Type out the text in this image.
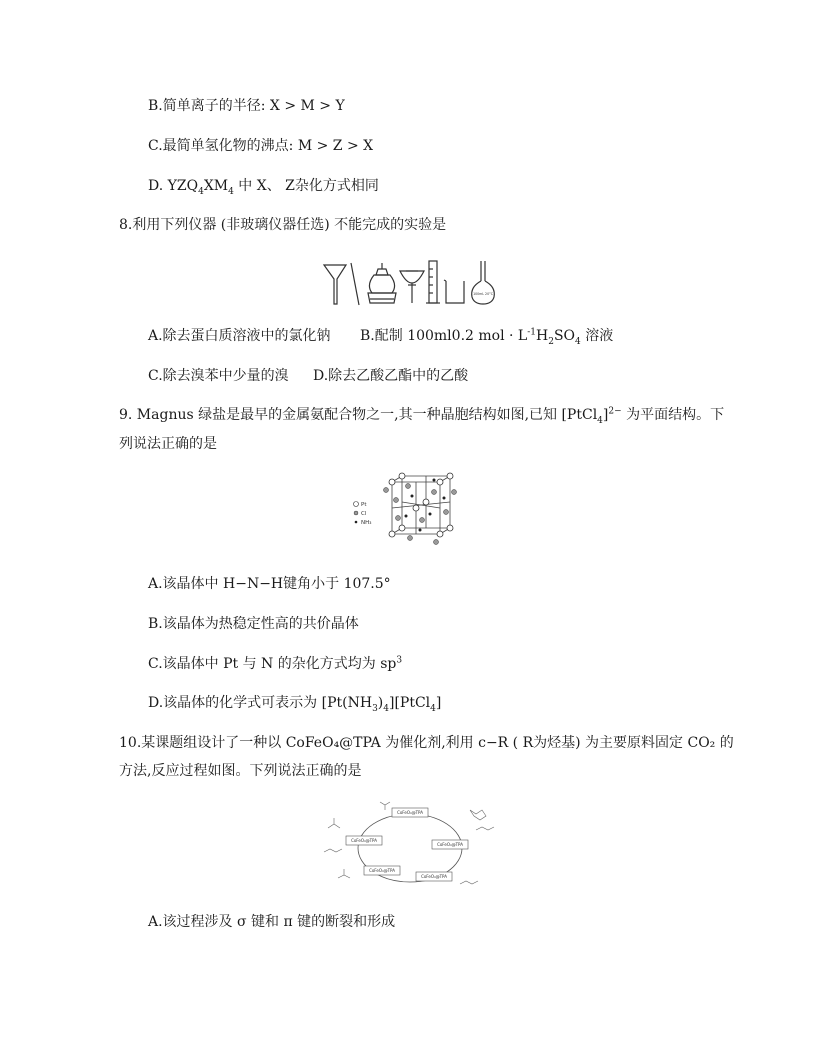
B.简单离子的半径: X > M > Y
C.最简单氢化物的沸点: M > Z > X
D. $YZQ_4XM_4$ 中 X、 Z杂化方式相同
8.利用下列仪器 (非玻璃仪器任选) 不能完成的实验是
100mL 20°C
A.除去蛋白质溶液中的氯化钠 B.配制 100ml0.2 mol · $L^{-1}H_2SO_4$ 溶液
C.除去溴苯中少量的溴 D.除去乙酸乙酯中的乙酸
9. Magnus 绿盐是最早的金属氨配合物之一,其一种晶胞结构如图,已知 [PtCl$_4$]$^{2-}$ 为平面结构。下
列说法正确的是
Pt
Cl
NH₃
A.该晶体中 H−N−H键角小于 107.5°
B.该晶体为热稳定性高的共价晶体
C.该晶体中 Pt 与 N 的杂化方式均为 $sp^3$
D.该晶体的化学式可表示为 $[Pt(NH_3)_4][PtCl_4]$
10.某课题组设计了一种以 CoFeO₄@TPA 为催化剂,利用 c−R ( R为烃基) 为主要原料固定 CO₂ 的
方法,反应过程如图。下列说法正确的是
CoFeO₄@TPA
CoFeO₄@TPA
CoFeO₄@TPA
CoFeO₄@TPA
CoFeO₄@TPA
A.该过程涉及 σ 键和 π 键的断裂和形成
